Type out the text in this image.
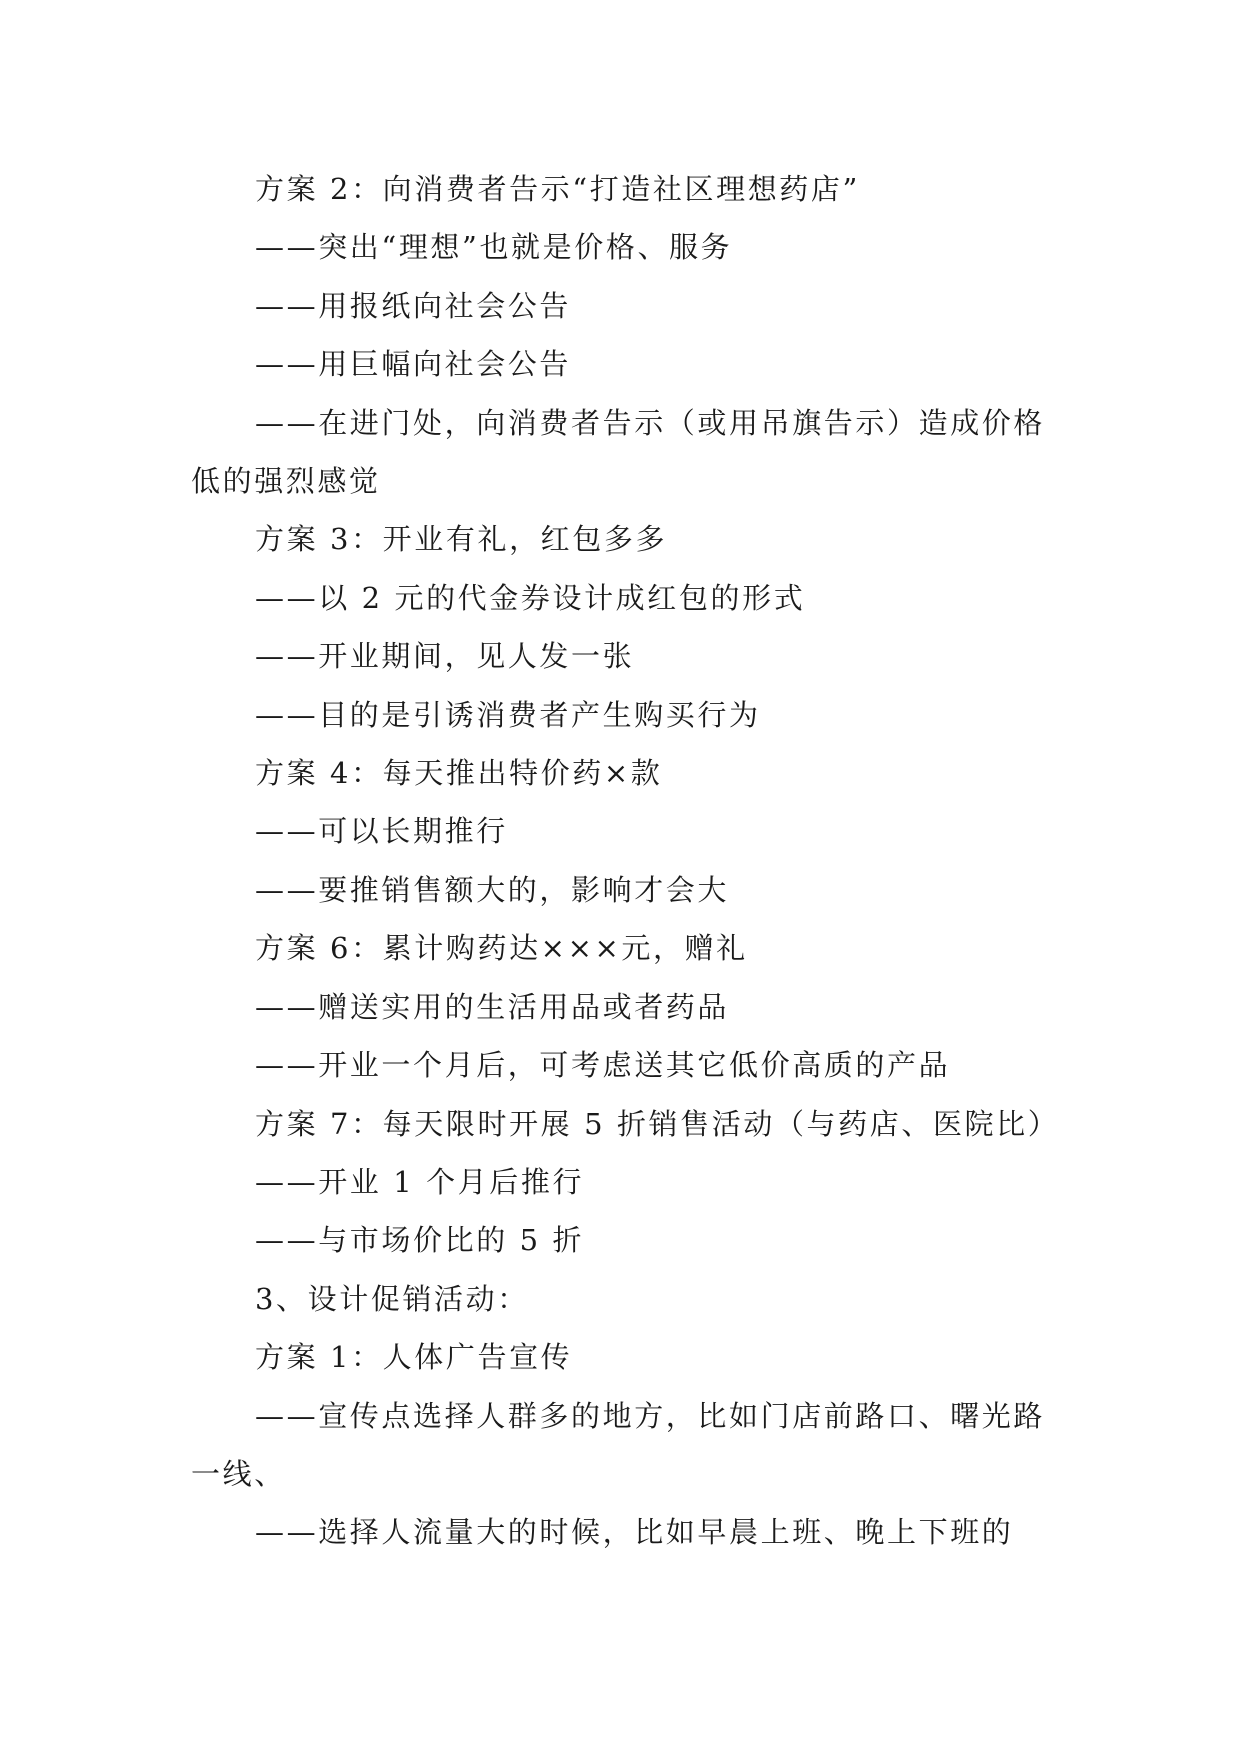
方案 2：向消费者告示“打造社区理想药店”

——突出“理想”也就是价格、服务

——用报纸向社会公告

——用巨幅向社会公告

——在进门处，向消费者告示（或用吊旗告示）造成价格低的强烈感觉

方案 3：开业有礼，红包多多

——以 2 元的代金券设计成红包的形式

——开业期间，见人发一张

——目的是引诱消费者产生购买行为

方案 4：每天推出特价药×款

——可以长期推行

——要推销售额大的，影响才会大

方案 6：累计购药达×××元，赠礼

——赠送实用的生活用品或者药品

——开业一个月后，可考虑送其它低价高质的产品

方案 7：每天限时开展 5 折销售活动（与药店、医院比）

——开业 1 个月后推行

——与市场价比的 5 折

3、设计促销活动：

方案 1：人体广告宣传

——宣传点选择人群多的地方，比如门店前路口、曙光路一线、

——选择人流量大的时候，比如早晨上班、晚上下班的
